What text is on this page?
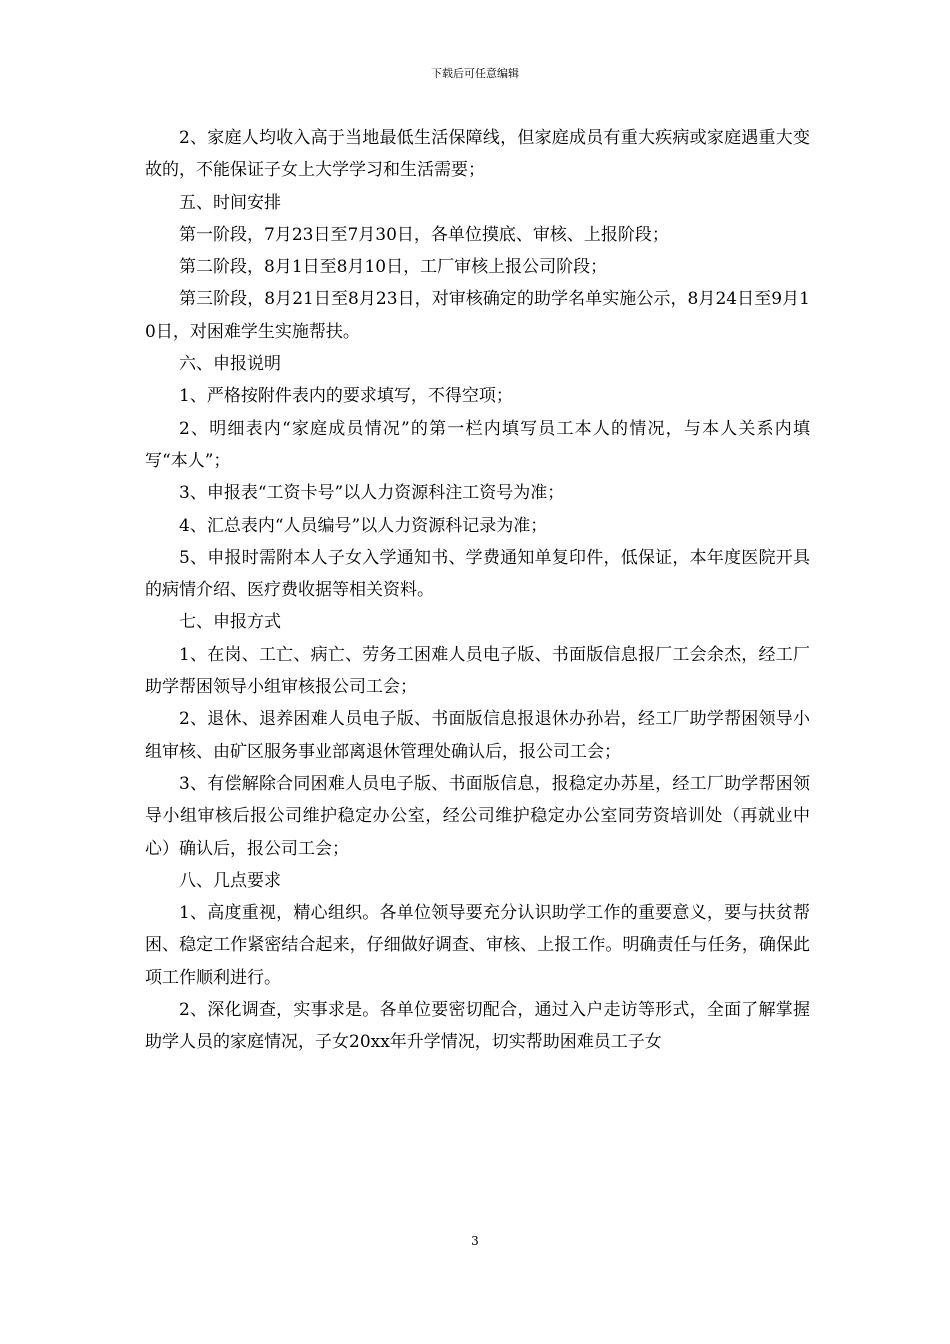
下载后可任意编辑

2、家庭人均收入高于当地最低生活保障线，但家庭成员有重大疾病或家庭遇重大变故的，不能保证子女上大学学习和生活需要；

五、时间安排

第一阶段，7月23日至7月30日，各单位摸底、审核、上报阶段；

第二阶段，8月1日至8月10日，工厂审核上报公司阶段；

第三阶段，8月21日至8月23日，对审核确定的助学名单实施公示，8月24日至9月10日，对困难学生实施帮扶。

六、申报说明

1、严格按附件表内的要求填写，不得空项；

2、明细表内“家庭成员情况”的第一栏内填写员工本人的情况，与本人关系内填写“本人”；

3、申报表“工资卡号”以人力资源科注工资号为准；

4、汇总表内“人员编号”以人力资源科记录为准；

5、申报时需附本人子女入学通知书、学费通知单复印件，低保证，本年度医院开具的病情介绍、医疗费收据等相关资料。

七、申报方式

1、在岗、工亡、病亡、劳务工困难人员电子版、书面版信息报厂工会余杰，经工厂助学帮困领导小组审核报公司工会；

2、退休、退养困难人员电子版、书面版信息报退休办孙岩，经工厂助学帮困领导小组审核、由矿区服务事业部离退休管理处确认后，报公司工会；

3、有偿解除合同困难人员电子版、书面版信息，报稳定办苏星，经工厂助学帮困领导小组审核后报公司维护稳定办公室，经公司维护稳定办公室同劳资培训处（再就业中心）确认后，报公司工会；

八、几点要求

1、高度重视，精心组织。各单位领导要充分认识助学工作的重要意义，要与扶贫帮困、稳定工作紧密结合起来，仔细做好调查、审核、上报工作。明确责任与任务，确保此项工作顺利进行。

2、深化调查，实事求是。各单位要密切配合，通过入户走访等形式，全面了解掌握助学人员的家庭情况，子女20xx年升学情况，切实帮助困难员工子女

3
